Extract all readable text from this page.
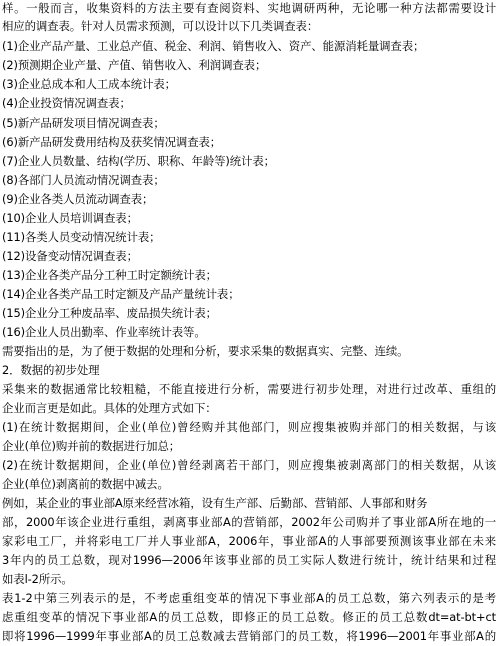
样。一般而言，收集资料的方法主要有查阅资料、实地调研两种，无论哪一种方法都需要设计
相应的调查表。针对人员需求预测，可以设计以下几类调查表：
(1)企业产品产量、工业总产值、税金、利润、销售收入、资产、能源消耗量调查表；
(2)预测期企业产量、产值、销售收入、利润调查表；
(3)企业总成本和人工成本统计表；
(4)企业投资情况调查表；
(5)新产品研发项目情况调查表；
(6)新产品研发费用结构及获奖情况调查表；
(7)企业人员数量、结构(学历、职称、年龄等)统计表；
(8)各部门人员流动情况调查表；
(9)企业各类人员流动调查表；
(10)企业人员培训调查表；
(11)各类人员变动情况统计表；
(12)设备变动情况调查表；
(13)企业各类产品分工种工时定额统计表；
(14)企业各类产品工时定额及产品产量统计表；
(15)企业分工种废品率、废品损失统计表；
(16)企业人员出勤率、作业率统计表等。
需要指出的是，为了便于数据的处理和分析，要求采集的数据真实、完整、连续。
2．数据的初步处理
采集来的数据通常比较粗糙，不能直接进行分析，需要进行初步处理，对进行过改革、重组的
企业而言更是如此。具体的处理方式如下：
(1)在统计数据期间，企业(单位)曾经购并其他部门，则应搜集被购并部门的相关数据，与该
企业(单位)购并前的数据进行加总；
(2)在统计数据期间，企业(单位)曾经剥离若干部门，则应搜集被剥离部门的相关数据，从该
企业(单位)剥离前的数据中减去。
例如，某企业的事业部A原来经营冰箱，设有生产部、后勤部、营销部、人事部和财务
部，2000年该企业进行重组，剥离事业部A的营销部，2002年公司购并了事业部A所在地的一
家彩电工厂，并将彩电工厂并人事业部A，2006年，事业部A的人事部要预测该事业部在未来
3年内的员工总数，现对1996—2006年该事业部的员工实际人数进行统计，统计结果和过程
如表l-2所示。
表1-2中第三列表示的是，不考虑重组变革的情况下事业部A的员工总数，第六列表示的是考
虑重组变革的情况下事业部A的员工总数，即修正的员工总数。修正的员工总数dt=at-bt+ct
即将1996—1999年事业部A的员工总数减去营销部门的员工数，将1996—2001年事业部A的
